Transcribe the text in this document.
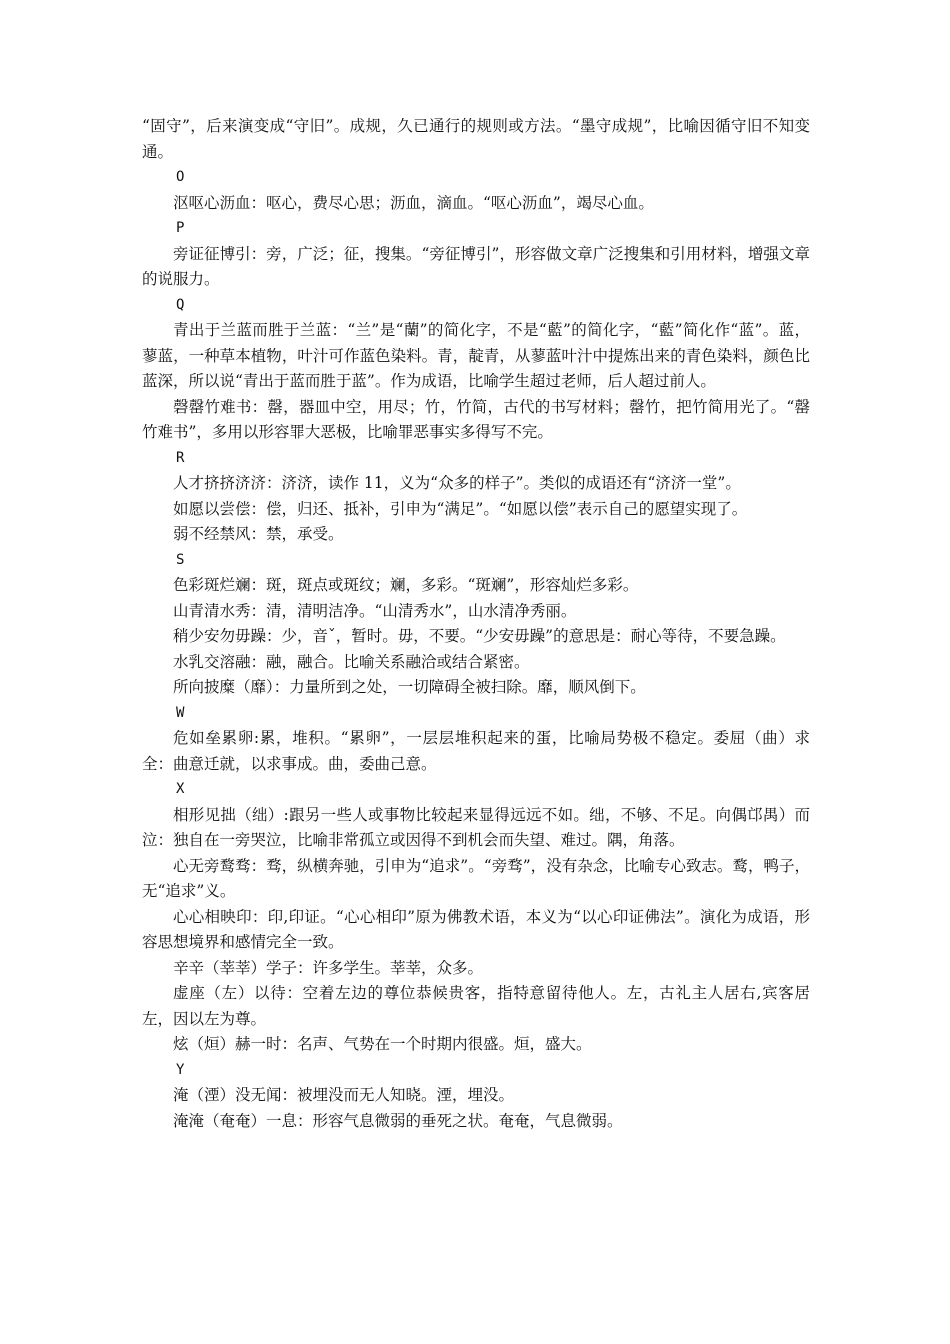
“固守”，后来演变成“守旧”。成规，久已通行的规则或方法。“墨守成规”，比喻因循守旧不知变通。

O

沤呕心沥血：呕心，费尽心思；沥血，滴血。“呕心沥血”，竭尽心血。

P

旁证征博引：旁，广泛；征，搜集。“旁征博引”，形容做文章广泛搜集和引用材料，增强文章的说服力。

Q

青出于兰蓝而胜于兰蓝：“兰”是“蘭”的简化字，不是“藍”的简化字，“藍”简化作“蓝”。蓝，蓼蓝，一种草本植物，叶汁可作蓝色染料。青，靛青，从蓼蓝叶汁中提炼出来的青色染料，颜色比蓝深，所以说“青出于蓝而胜于蓝”。作为成语，比喻学生超过老师，后人超过前人。

磬罄竹难书：罄，器皿中空，用尽；竹，竹简，古代的书写材料；罄竹，把竹简用光了。“罄竹难书”，多用以形容罪大恶极，比喻罪恶事实多得写不完。

R

人才挤挤济济：济济，读作 11，义为“众多的样子”。类似的成语还有“济济一堂”。

如愿以尝偿：偿，归还、抵补，引申为“满足”。“如愿以偿”表示自己的愿望实现了。

弱不经禁风：禁，承受。

S

色彩斑烂斓：斑，斑点或斑纹；斓，多彩。“斑斓”，形容灿烂多彩。

山青清水秀：清，清明洁净。“山清秀水”，山水清净秀丽。

稍少安勿毋躁：少，音ˇ，暂时。毋，不要。“少安毋躁”的意思是：耐心等待，不要急躁。

水乳交溶融：融，融合。比喻关系融洽或结合紧密。

所向披糜（靡）：力量所到之处，一切障碍全被扫除。靡，顺风倒下。

W

危如垒累卵:累，堆积。“累卵”，一层层堆积起来的蛋，比喻局势极不稳定。委屈（曲）求全：曲意迁就，以求事成。曲，委曲己意。

X

相形见拙（绌）:跟另一些人或事物比较起来显得远远不如。绌，不够、不足。向偶邙禺）而泣：独自在一旁哭泣，比喻非常孤立或因得不到机会而失望、难过。隅，角落。

心无旁鹜骛：骛，纵横奔驰，引申为“追求”。“旁骛”，没有杂念，比喻专心致志。鹜，鸭子，无“追求”义。

心心相映印：印,印证。“心心相印”原为佛教术语，本义为“以心印证佛法”。演化为成语，形容思想境界和感情完全一致。

辛辛（莘莘）学子：许多学生。莘莘，众多。

虚座（左）以待：空着左边的尊位恭候贵客，指特意留待他人。左，古礼主人居右,宾客居左，因以左为尊。

炫（烜）赫一时：名声、气势在一个时期内很盛。烜，盛大。

Y

淹（湮）没无闻：被埋没而无人知晓。湮，埋没。

淹淹（奄奄）一息：形容气息微弱的垂死之状。奄奄，气息微弱。
